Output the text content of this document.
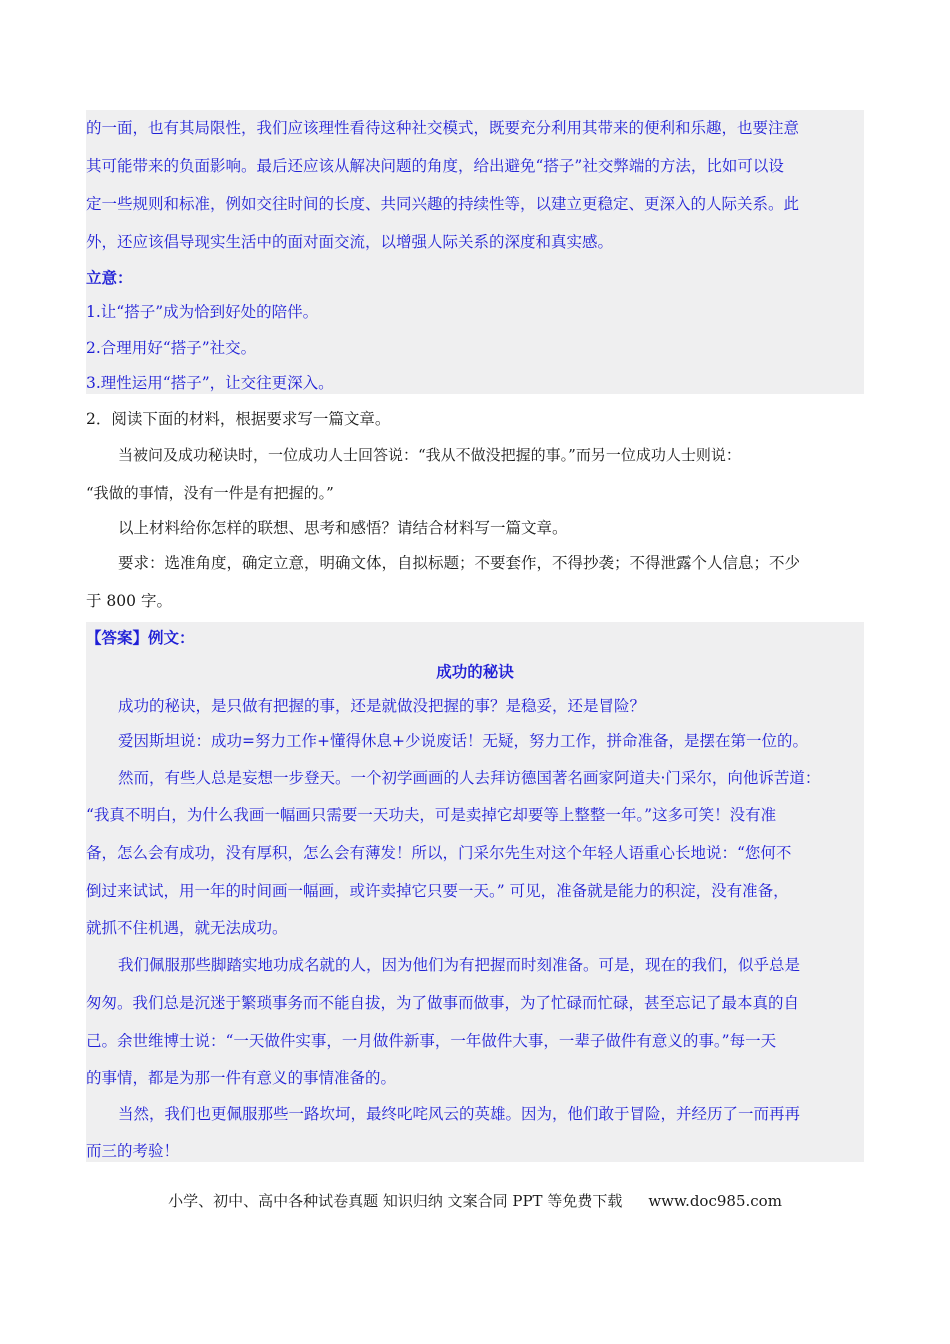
的一面，也有其局限性，我们应该理性看待这种社交模式，既要充分利用其带来的便利和乐趣，也要注意
其可能带来的负面影响。最后还应该从解决问题的角度，给出避免“搭子”社交弊端的方法，比如可以设
定一些规则和标准，例如交往时间的长度、共同兴趣的持续性等，以建立更稳定、更深入的人际关系。此
外，还应该倡导现实生活中的面对面交流，以增强人际关系的深度和真实感。
立意：
1.让“搭子”成为恰到好处的陪伴。
2.合理用好“搭子”社交。
3.理性运用“搭子”，让交往更深入。
2．阅读下面的材料，根据要求写一篇文章。
当被问及成功秘诀时，一位成功人士回答说：“我从不做没把握的事。”而另一位成功人士则说：
“我做的事情，没有一件是有把握的。”
以上材料给你怎样的联想、思考和感悟？请结合材料写一篇文章。
要求：选准角度，确定立意，明确文体，自拟标题；不要套作，不得抄袭；不得泄露个人信息；不少
于 800 字。
【答案】例文：
成功的秘诀
成功的秘诀，是只做有把握的事，还是就做没把握的事？是稳妥，还是冒险？
爱因斯坦说：成功=努力工作+懂得休息+少说废话！无疑，努力工作，拼命准备，是摆在第一位的。
然而，有些人总是妄想一步登天。一个初学画画的人去拜访德国著名画家阿道夫·门采尔，向他诉苦道：
“我真不明白，为什么我画一幅画只需要一天功夫，可是卖掉它却要等上整整一年。”这多可笑！没有准
备，怎么会有成功，没有厚积，怎么会有薄发！所以，门采尔先生对这个年轻人语重心长地说：“您何不
倒过来试试，用一年的时间画一幅画，或许卖掉它只要一天。” 可见，准备就是能力的积淀，没有准备，
就抓不住机遇，就无法成功。
我们佩服那些脚踏实地功成名就的人，因为他们为有把握而时刻准备。可是，现在的我们，似乎总是
匆匆。我们总是沉迷于繁琐事务而不能自拔，为了做事而做事，为了忙碌而忙碌，甚至忘记了最本真的自
己。余世维博士说：“一天做件实事，一月做件新事，一年做件大事，一辈子做件有意义的事。”每一天
的事情，都是为那一件有意义的事情准备的。
当然，我们也更佩服那些一路坎坷，最终叱咤风云的英雄。因为，他们敢于冒险，并经历了一而再再
而三的考验！
小学、初中、高中各种试卷真题 知识归纳 文案合同 PPT 等免费下载 www.doc985.com
